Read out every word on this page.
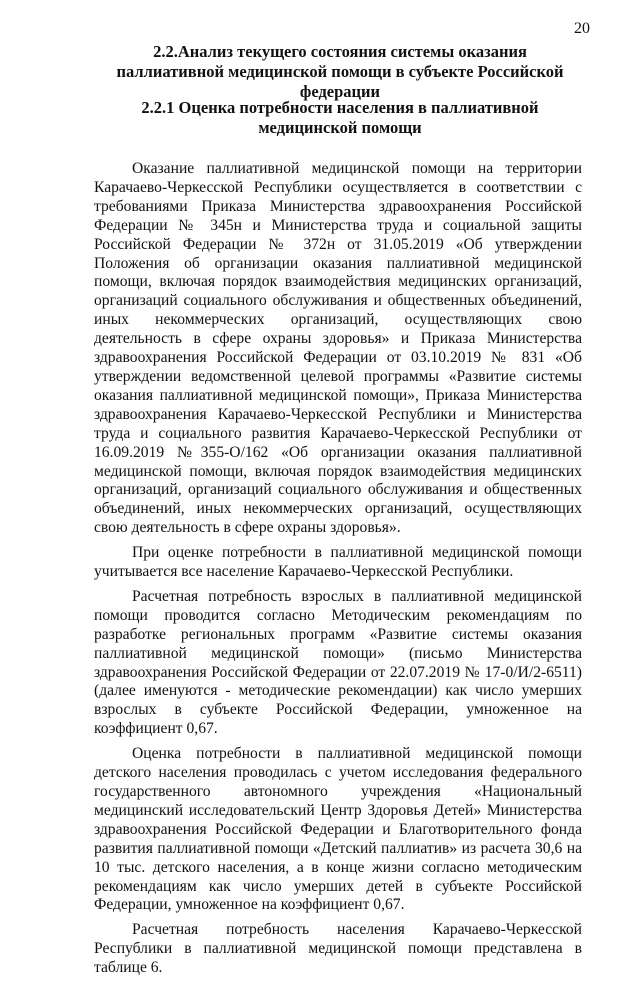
20
2.2.Анализ текущего состояния системы оказания паллиативной медицинской помощи в субъекте Российской федерации
2.2.1 Оценка потребности населения в паллиативной медицинской помощи

Оказание паллиативной медицинской помощи на территории Карачаево-Черкесской Республики осуществляется в соответствии с требованиями Приказа Министерства здравоохранения Российской Федерации № 345н и Министерства труда и социальной защиты Российской Федерации № 372н от 31.05.2019 «Об утверждении Положения об организации оказания паллиативной медицинской помощи, включая порядок взаимодействия медицинских организаций, организаций социального обслуживания и общественных объединений, иных некоммерческих организаций, осуществляющих свою деятельность в сфере охраны здоровья» и Приказа Министерства здравоохранения Российской Федерации от 03.10.2019 № 831 «Об утверждении ведомственной целевой программы «Развитие системы оказания паллиативной медицинской помощи», Приказа Министерства здравоохранения Карачаево-Черкесской Республики и Министерства труда и социального развития Карачаево-Черкесской Республики от 16.09.2019 №355-О/162 «Об организации оказания паллиативной медицинской помощи, включая порядок взаимодействия медицинских организаций, организаций социального обслуживания и общественных объединений, иных некоммерческих организаций, осуществляющих свою деятельность в сфере охраны здоровья».

При оценке потребности в паллиативной медицинской помощи учитывается все население Карачаево-Черкесской Республики.

Расчетная потребность взрослых в паллиативной медицинской помощи проводится согласно Методическим рекомендациям по разработке региональных программ «Развитие системы оказания паллиативной медицинской помощи» (письмо Министерства здравоохранения Российской Федерации от 22.07.2019 № 17-0/И/2-6511) (далее именуются - методические рекомендации) как число умерших взрослых в субъекте Российской Федерации, умноженное на коэффициент 0,67.

Оценка потребности в паллиативной медицинской помощи детского населения проводилась с учетом исследования федерального государственного автономного учреждения «Национальный медицинский исследовательский Центр Здоровья Детей» Министерства здравоохранения Российской Федерации и Благотворительного фонда развития паллиативной помощи «Детский паллиатив» из расчета 30,6 на 10 тыс. детского населения, а в конце жизни согласно методическим рекомендациям как число умерших детей в субъекте Российской Федерации, умноженное на коэффициент 0,67.

Расчетная потребность населения Карачаево-Черкесской Республики в паллиативной медицинской помощи представлена в таблице 6.
